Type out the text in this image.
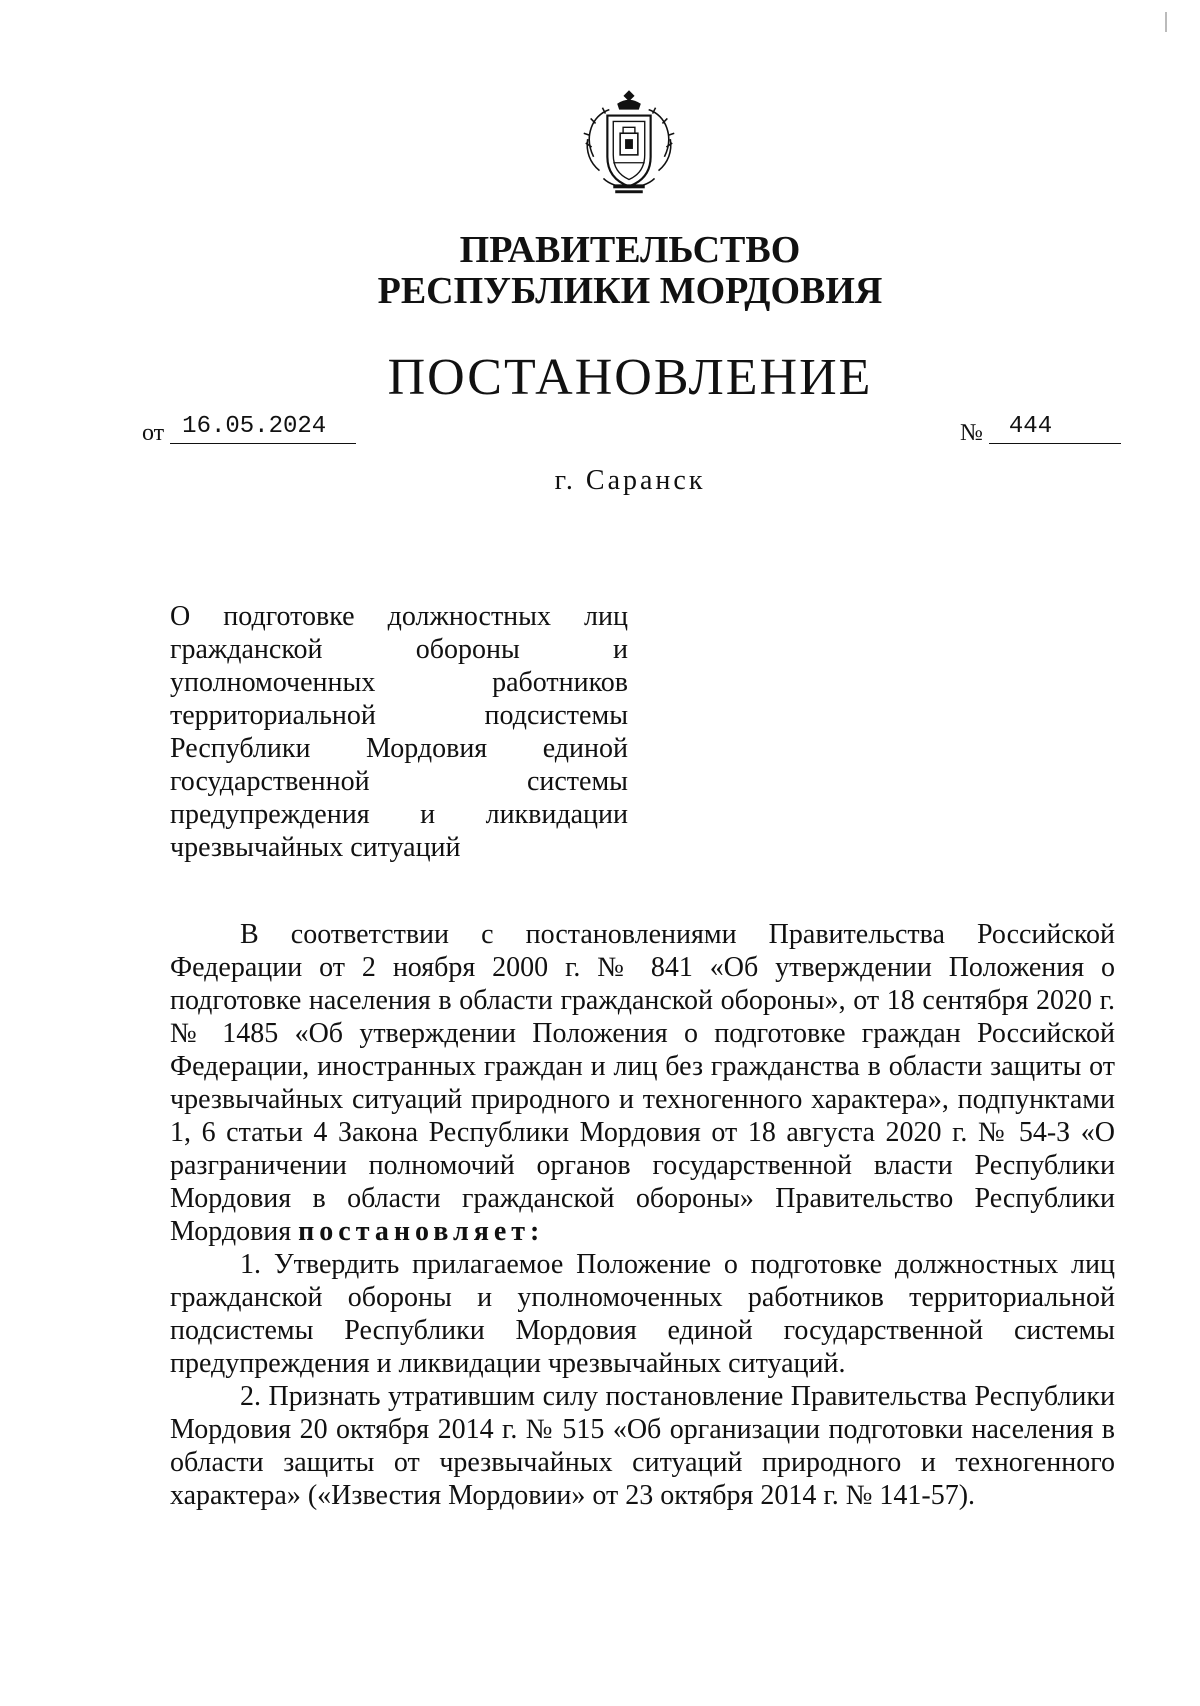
ПРАВИТЕЛЬСТВО
РЕСПУБЛИКИ МОРДОВИЯ
ПОСТАНОВЛЕНИЕ
от 16.05.2024	№ 444
г. Саранск
О подготовке должностных лиц
гражданской обороны и
уполномоченных работников
территориальной подсистемы
Республики Мордовия единой
государственной системы
предупреждения и ликвидации
чрезвычайных ситуаций

В соответствии с постановлениями Правительства Российской Федерации от 2 ноября 2000 г. № 841 «Об утверждении Положения о подготовке населения в области гражданской обороны», от 18 сентября 2020 г. № 1485 «Об утверждении Положения о подготовке граждан Российской Федерации, иностранных граждан и лиц без гражданства в области защиты от чрезвычайных ситуаций природного и техногенного характера», подпунктами 1, 6 статьи 4 Закона Республики Мордовия от 18 августа 2020 г. № 54-З «О разграничении полномочий органов государственной власти Республики Мордовия в области гражданской обороны» Правительство Республики Мордовия постановляет:

1. Утвердить прилагаемое Положение о подготовке должностных лиц гражданской обороны и уполномоченных работников территориальной подсистемы Республики Мордовия единой государственной системы предупреждения и ликвидации чрезвычайных ситуаций.

2. Признать утратившим силу постановление Правительства Республики Мордовия 20 октября 2014 г. № 515 «Об организации подготовки населения в области защиты от чрезвычайных ситуаций природного и техногенного характера» («Известия Мордовии» от 23 октября 2014 г. № 141-57).
